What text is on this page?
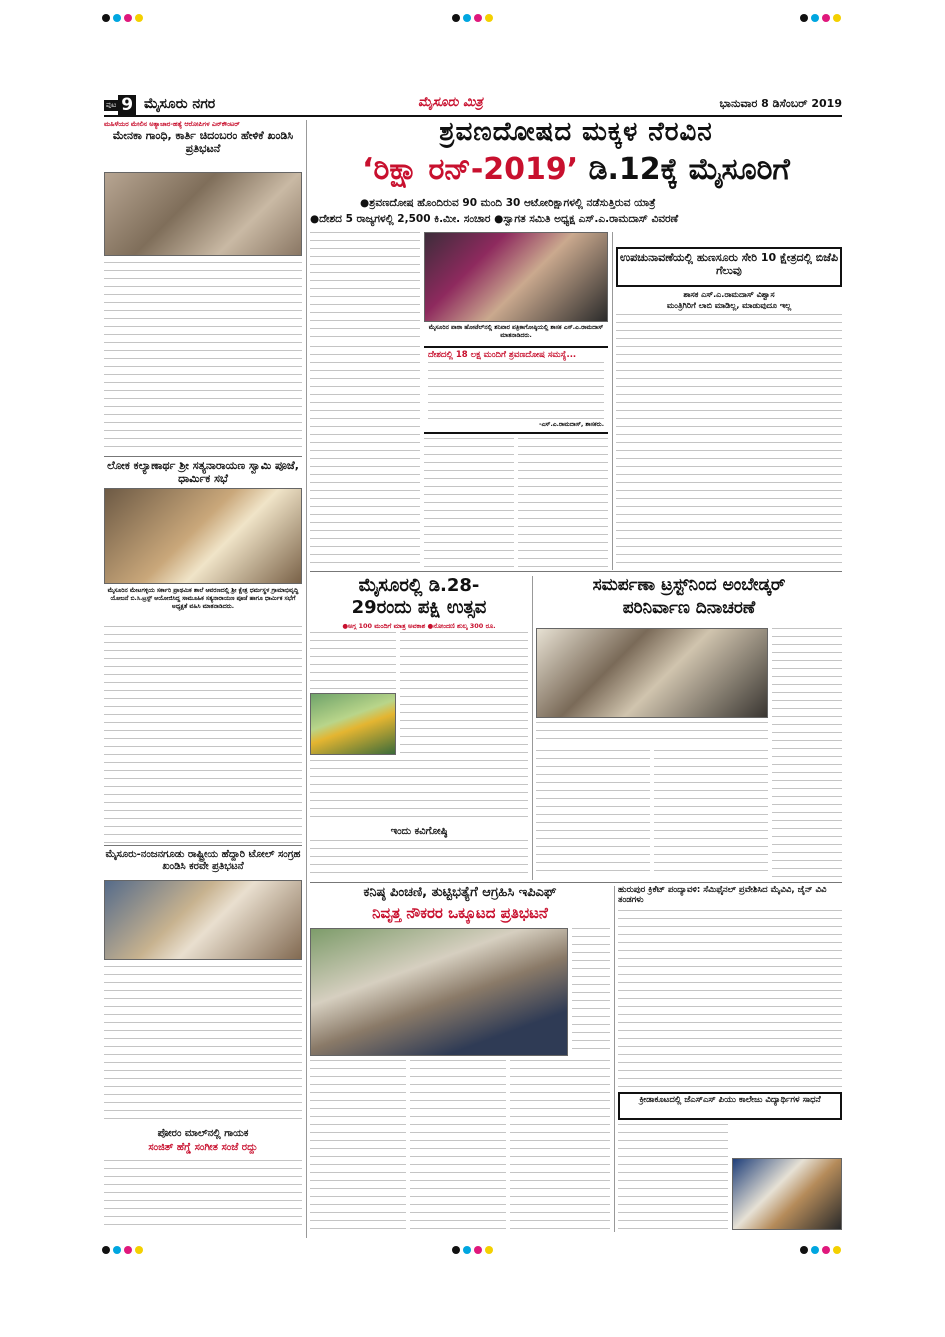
ಪುಟ 9 ಮೈಸೂರು ನಗರ	ಮೈಸೂರು ಮಿತ್ರ	ಭಾನುವಾರ 8 ಡಿಸೆಂಬರ್ 2019
ಮಹಿಳೆಯರ ಮೇಲಿನ ಅತ್ಯಾಚಾರ-ಹತ್ಯೆ ಆರೋಪಿಗಳ ಎನ್‌ಕೌಂಟರ್
ಮೇನಕಾ ಗಾಂಧಿ, ಕಾರ್ತಿ ಚಿದಂಬರಂ ಹೇಳಿಕೆ ಖಂಡಿಸಿ ಪ್ರತಿಭಟನೆ
ಲೋಕ ಕಲ್ಯಾಣಾರ್ಥ ಶ್ರೀ ಸತ್ಯನಾರಾಯಣ ಸ್ವಾಮಿ ಪೂಜೆ, ಧಾರ್ಮಿಕ ಸಭೆ
ಮೈಸೂರಿನ ಮೇಟಗಳ್ಳಿಯ ಸರ್ಕಾರಿ ಪ್ರಾಥಮಿಕ ಶಾಲೆ ಆವರಣದಲ್ಲಿ ಶ್ರೀ ಕ್ಷೇತ್ರ ಧರ್ಮಸ್ಥಳ ಗ್ರಾಮಾಭಿವೃದ್ಧಿ ಯೋಜನೆ ಬಿ.ಸಿ.ಟ್ರಸ್ಟ್ ಆಯೋಜಿಸಿದ್ದ ಸಾಮೂಹಿಕ ಸತ್ಯನಾರಾಯಣ ಪೂಜೆ ಹಾಗೂ ಧಾರ್ಮಿಕ ಸಭೆಗೆ ಅಧ್ಯಕ್ಷತೆ ವಹಿಸಿ ಮಾತನಾಡಿದರು.
ಮೈಸೂರು-ನಂಜನಗೂಡು ರಾಷ್ಟ್ರೀಯ ಹೆದ್ದಾರಿ ಟೋಲ್ ಸಂಗ್ರಹ ಖಂಡಿಸಿ ಕರವೇ ಪ್ರತಿಭಟನೆ
ಪೋರಂ ಮಾಲ್‌ನಲ್ಲಿ ಗಾಯಕ
ಸಂಜಿತ್ ಹೆಗ್ಡೆ ಸಂಗೀತ ಸಂಜೆ ರದ್ದು
ಶ್ರವಣದೋಷದ ಮಕ್ಕಳ ನೆರವಿನ
‘ರಿಕ್ಷಾ ರನ್-2019’ ಡಿ.12ಕ್ಕೆ ಮೈಸೂರಿಗೆ
●ಶ್ರವಣದೋಷ ಹೊಂದಿರುವ 90 ಮಂದಿ 30 ಆಟೋರಿಕ್ಷಾಗಳಲ್ಲಿ ನಡೆಸುತ್ತಿರುವ ಯಾತ್ರೆ
●ದೇಶದ 5 ರಾಜ್ಯಗಳಲ್ಲಿ 2,500 ಕಿ.ಮೀ. ಸಂಚಾರ ●ಸ್ವಾಗತ ಸಮಿತಿ ಅಧ್ಯಕ್ಷ ಎಸ್.ಎ.ರಾಮದಾಸ್ ವಿವರಣೆ
ಮೈಸೂರಿನ ಪಾಠಾ ಹೋಟೆಲ್‌ನಲ್ಲಿ ಶನಿವಾರ ಪತ್ರಿಕಾಗೋಷ್ಠಿಯಲ್ಲಿ ಶಾಸಕ ಎಸ್.ಎ.ರಾಮದಾಸ್ ಮಾತನಾಡಿದರು.
ದೇಶದಲ್ಲಿ 18 ಲಕ್ಷ ಮಂದಿಗೆ ಶ್ರವಣದೋಷ ಸಮಸ್ಯೆ...
-ಎಸ್.ಎ.ರಾಮದಾಸ್, ಶಾಸಕರು.
ಉಪಚುನಾವಣೆಯಲ್ಲಿ ಹುಣಸೂರು ಸೇರಿ 10 ಕ್ಷೇತ್ರದಲ್ಲಿ ಬಿಜೆಪಿ ಗೆಲುವು
ಶಾಸಕ ಎಸ್.ಎ.ರಾಮದಾಸ್ ವಿಶ್ವಾಸ
ಮಂತ್ರಿಗಿರಿಗೆ ಲಾಬಿ ಮಾಡಿಲ್ಲ, ಮಾಡುವುದೂ ಇಲ್ಲ
ಮೈಸೂರಲ್ಲಿ ಡಿ.28-
29ರಂದು ಪಕ್ಷಿ ಉತ್ಸವ
●ಅಗ್ಗ 100 ಮಂದಿಗೆ ಮಾತ್ರ ಅವಕಾಶ ●ನೋಂದಣಿ ಶುಲ್ಕ 300 ರೂ.
ಇಂದು ಕವಿಗೋಷ್ಠಿ
ಸಮರ್ಪಣಾ ಟ್ರಸ್ಟ್‌ನಿಂದ ಅಂಬೇಡ್ಕರ್
ಪರಿನಿರ್ವಾಣ ದಿನಾಚರಣೆ
ಕನಿಷ್ಠ ಪಿಂಚಣಿ, ತುಟ್ಟಿಭತ್ಯೆಗೆ ಆಗ್ರಹಿಸಿ ಇಪಿಎಫ್
ನಿವೃತ್ತ ನೌಕರರ ಒಕ್ಕೂಟದ ಪ್ರತಿಭಟನೆ
ಹುರುಪುರ ಕ್ರಿಕೆಟ್ ಪಂದ್ಯಾವಳಿ: ಸೆಮಿಫೈನಲ್ ಪ್ರವೇಶಿಸಿದ ಮೈವಿವಿ, ಜೈನ್ ವಿವಿ ತಂಡಗಳು
ಕ್ರೀಡಾಕೂಟದಲ್ಲಿ ಜೆಎಸ್‌ಎಸ್ ಪಿಯು ಕಾಲೇಜು ವಿದ್ಯಾರ್ಥಿಗಳ ಸಾಧನೆ
